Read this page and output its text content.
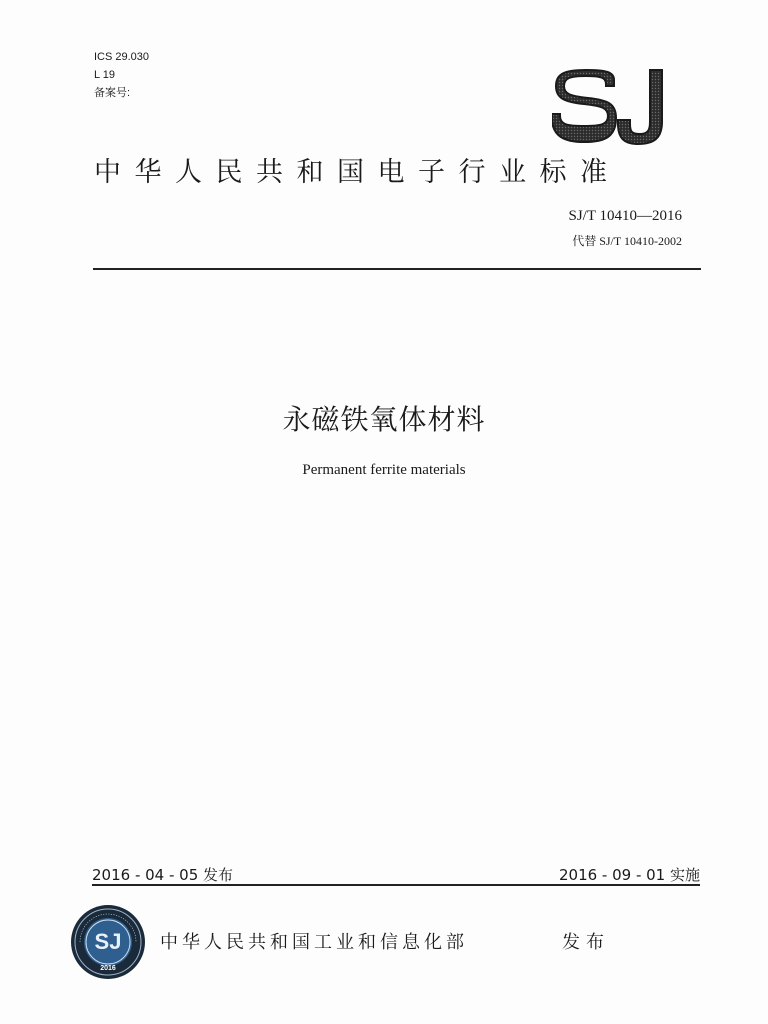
ICS 29.030
L 19
备案号:
中华人民共和国电子行业标准
SJ/T 10410—2016
代替 SJ/T 10410-2002
永磁铁氧体材料
Permanent ferrite materials
2016 - 04 - 05 发布	2016 - 09 - 01 实施
SJ
2016
中华人民共和国工业和信息化部	发布
